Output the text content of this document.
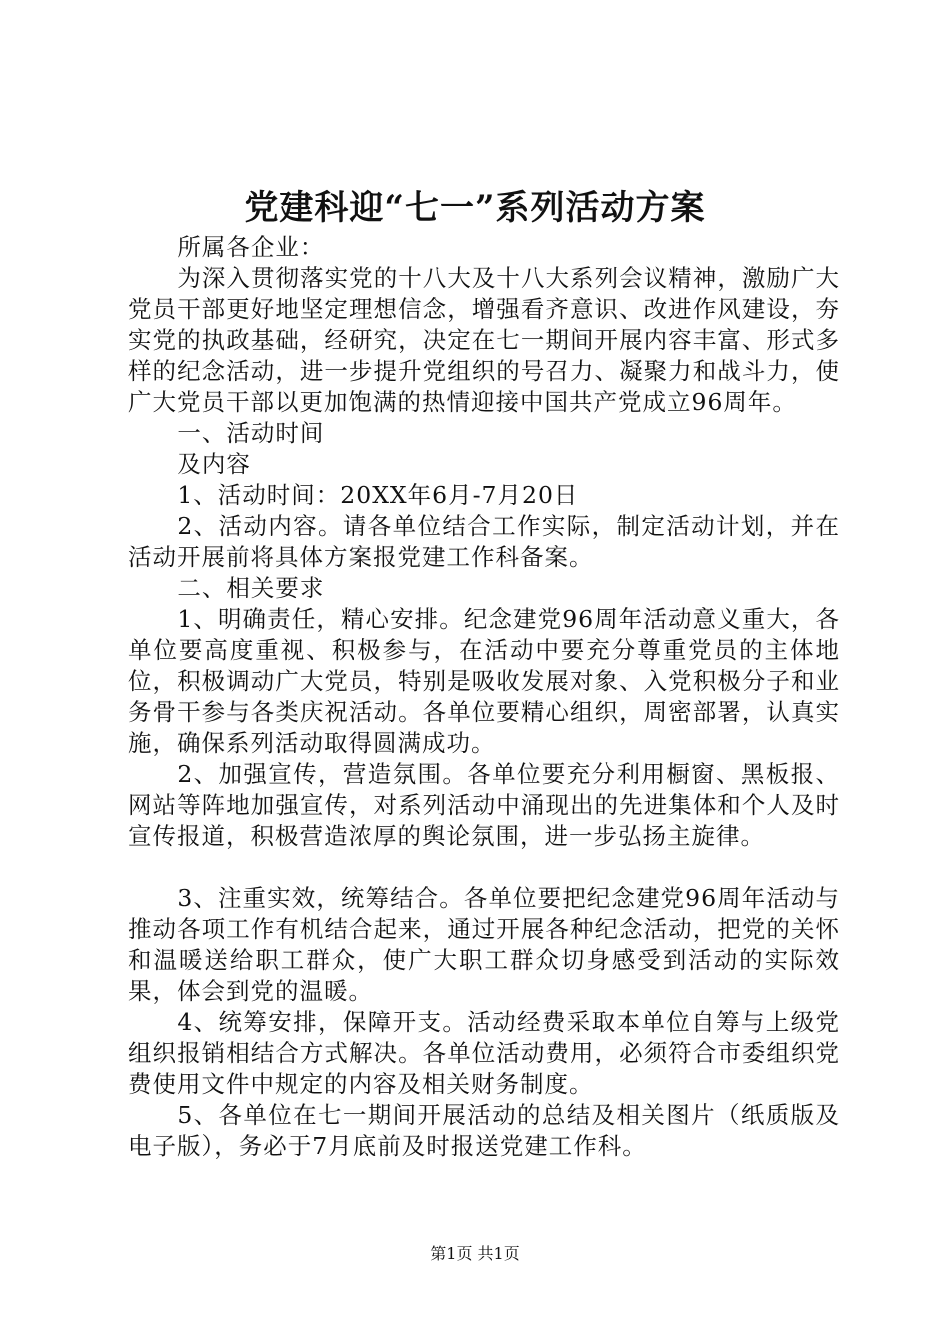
党建科迎“七一”系列活动方案

所属各企业：

为深入贯彻落实党的十八大及十八大系列会议精神，激励广大党员干部更好地坚定理想信念，增强看齐意识、改进作风建设，夯实党的执政基础，经研究，决定在七一期间开展内容丰富、形式多样的纪念活动，进一步提升党组织的号召力、凝聚力和战斗力，使广大党员干部以更加饱满的热情迎接中国共产党成立96周年。

一、活动时间

及内容

1、活动时间：20XX年6月-7月20日

2、活动内容。请各单位结合工作实际，制定活动计划，并在活动开展前将具体方案报党建工作科备案。

二、相关要求

1、明确责任，精心安排。纪念建党96周年活动意义重大，各单位要高度重视、积极参与，在活动中要充分尊重党员的主体地位，积极调动广大党员，特别是吸收发展对象、入党积极分子和业务骨干参与各类庆祝活动。各单位要精心组织，周密部署，认真实施，确保系列活动取得圆满成功。

2、加强宣传，营造氛围。各单位要充分利用橱窗、黑板报、网站等阵地加强宣传，对系列活动中涌现出的先进集体和个人及时宣传报道，积极营造浓厚的舆论氛围，进一步弘扬主旋律。

3、注重实效，统筹结合。各单位要把纪念建党96周年活动与推动各项工作有机结合起来，通过开展各种纪念活动，把党的关怀和温暖送给职工群众，使广大职工群众切身感受到活动的实际效果，体会到党的温暖。

4、统筹安排，保障开支。活动经费采取本单位自筹与上级党组织报销相结合方式解决。各单位活动费用，必须符合市委组织党费使用文件中规定的内容及相关财务制度。

5、各单位在七一期间开展活动的总结及相关图片（纸质版及电子版），务必于7月底前及时报送党建工作科。

第1页 共1页
